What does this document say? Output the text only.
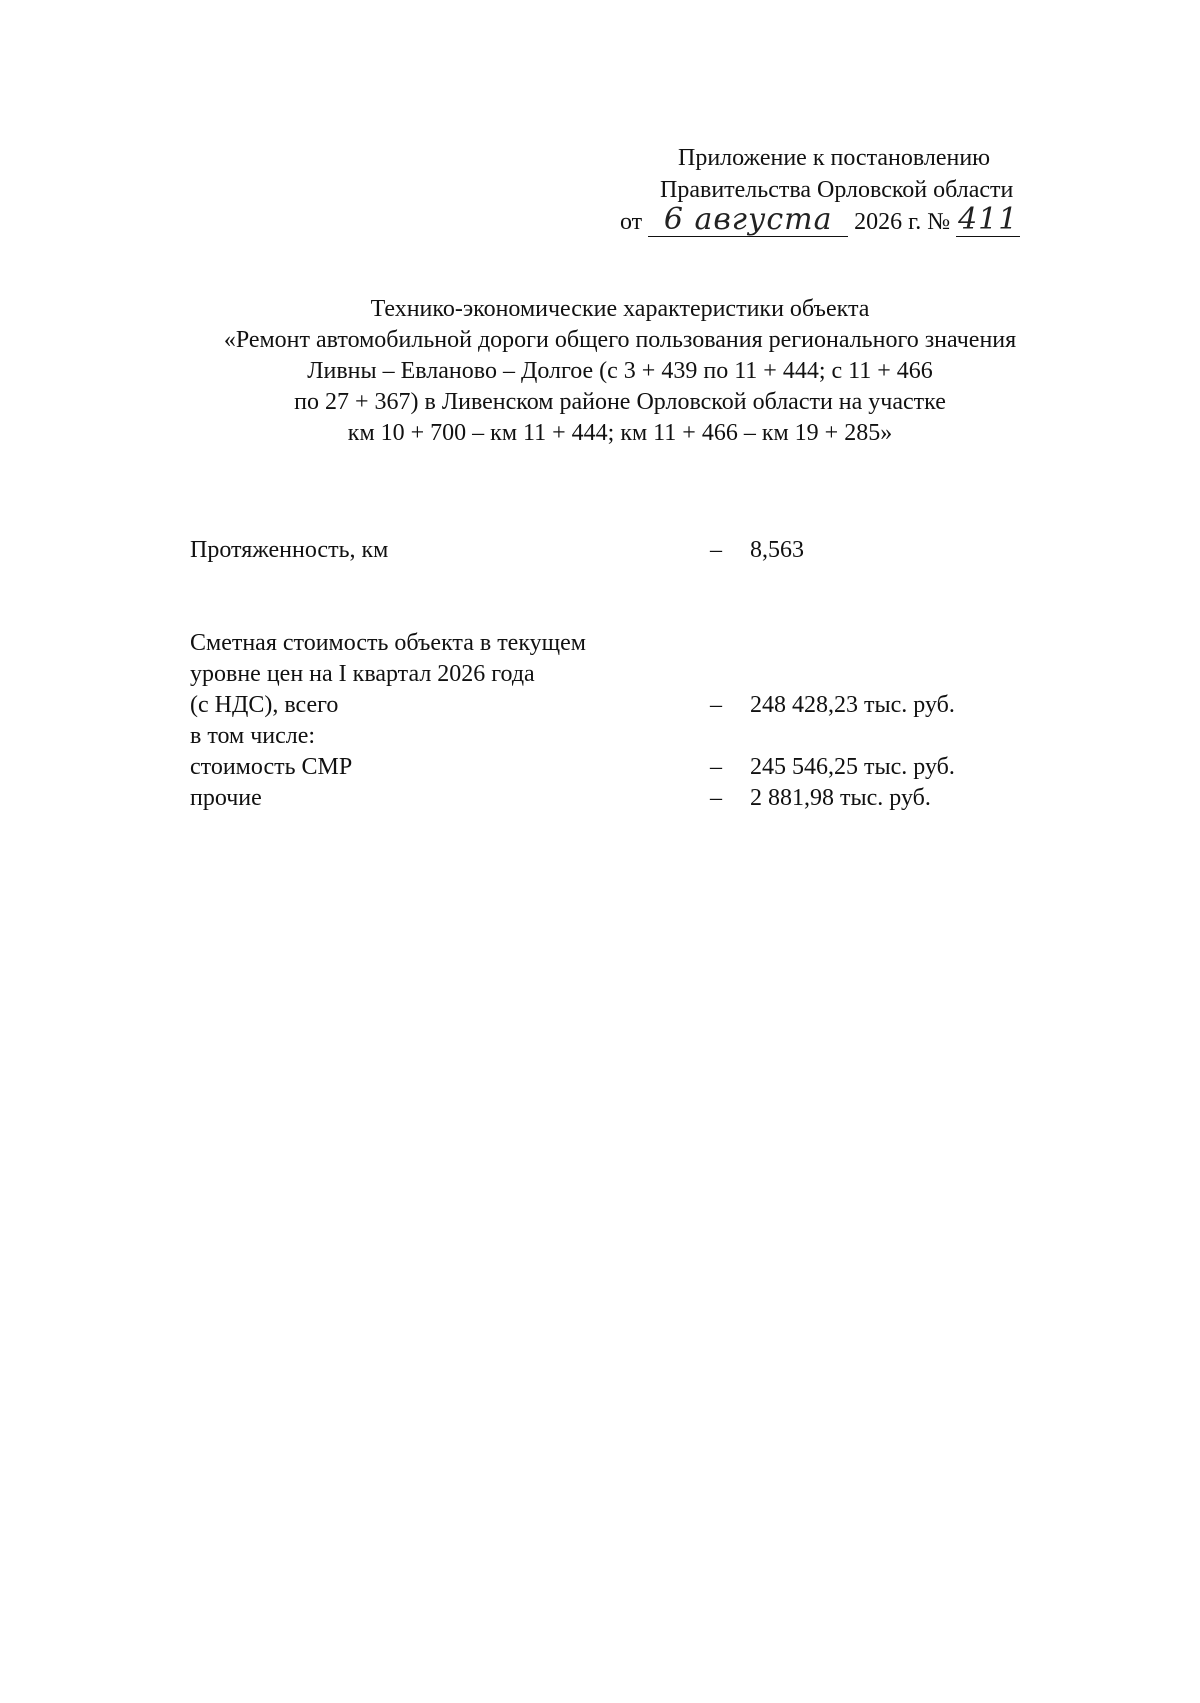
Приложение к постановлению
Правительства Орловской области
от 6 августа 2026 г. № 411
Технико-экономические характеристики объекта
«Ремонт автомобильной дороги общего пользования регионального значения
Ливны – Евланово – Долгое (с 3 + 439 по 11 + 444; с 11 + 466
по 27 + 367) в Ливенском районе Орловской области на участке
км 10 + 700 – км 11 + 444; км 11 + 466 – км 19 + 285»
Протяженность, км	–	8,563
Сметная стоимость объекта в текущем
уровне цен на I квартал 2026 года
(с НДС), всего	–	248 428,23 тыс. руб.
в том числе:
стоимость СМР	–	245 546,25 тыс. руб.
прочие	–	2 881,98 тыс. руб.
